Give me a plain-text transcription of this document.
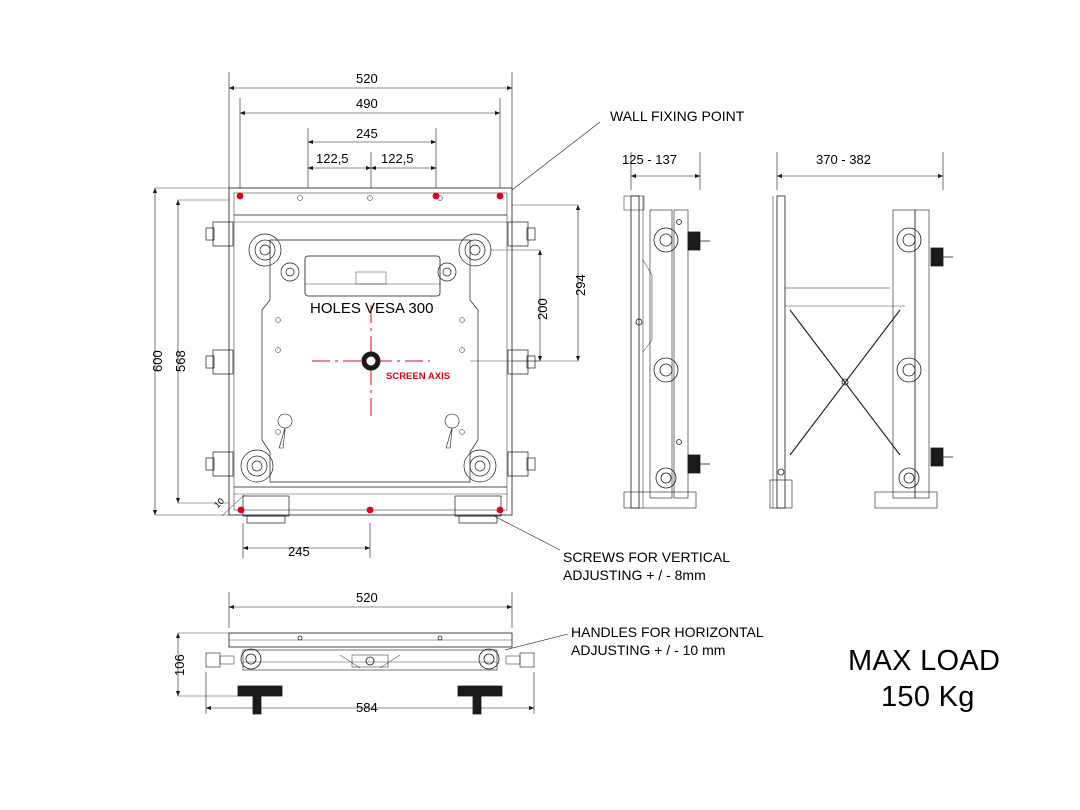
520
490
245
122,5 122,5
600 568
294
200
245
10
125 - 137	370 - 382
520
584
106
WALL FIXING POINT
SCREWS FOR VERTICAL
ADJUSTING + / - 8mm
HANDLES FOR HORIZONTAL
ADJUSTING + / - 10 mm
HOLES VESA 300
SCREEN AXIS
MAX LOAD
150 Kg
